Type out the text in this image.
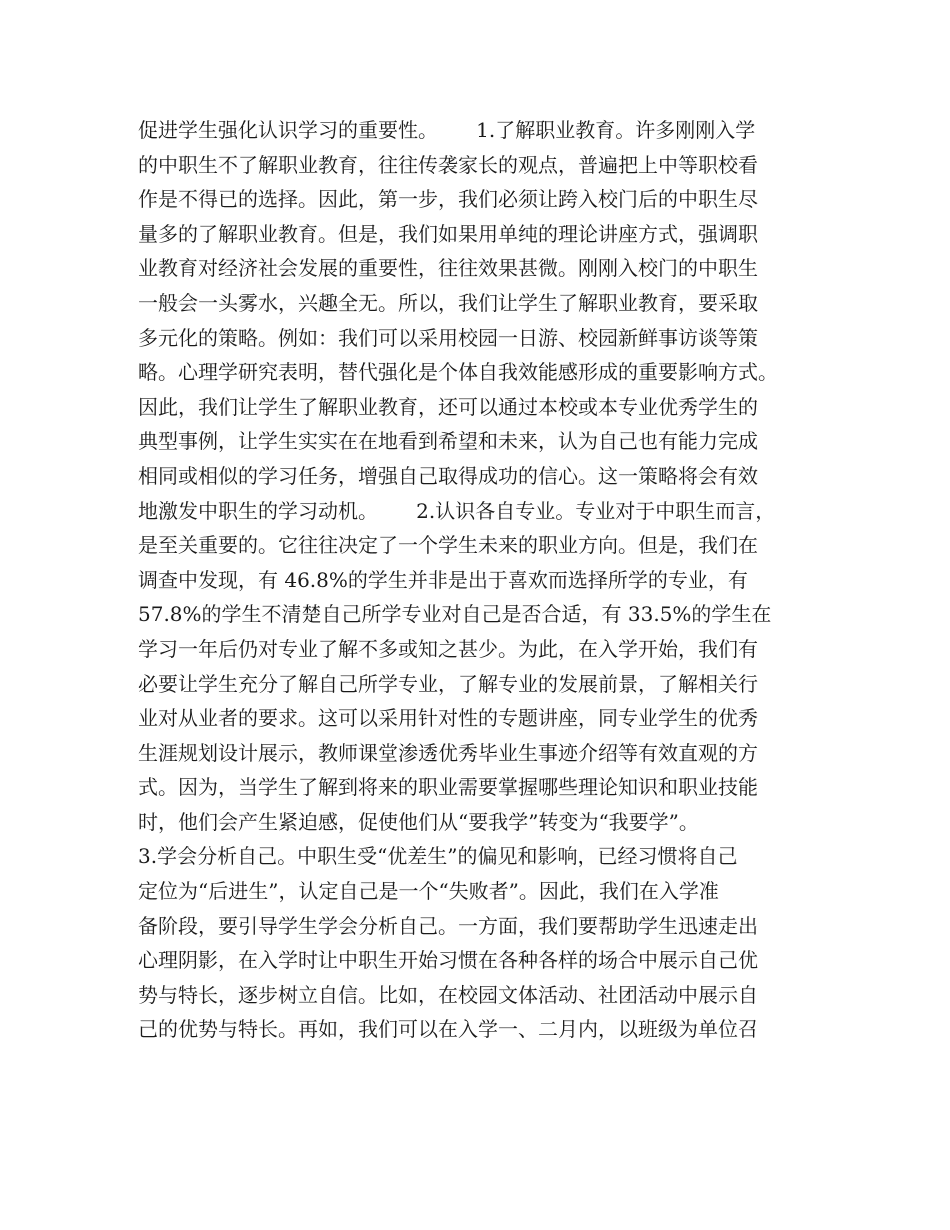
促进学生强化认识学习的重要性。      1.了解职业教育。许多刚刚入学
的中职生不了解职业教育，往往传袭家长的观点，普遍把上中等职校看
作是不得已的选择。因此，第一步，我们必须让跨入校门后的中职生尽
量多的了解职业教育。但是，我们如果用单纯的理论讲座方式，强调职
业教育对经济社会发展的重要性，往往效果甚微。刚刚入校门的中职生
一般会一头雾水，兴趣全无。所以，我们让学生了解职业教育，要采取
多元化的策略。例如：我们可以采用校园一日游、校园新鲜事访谈等策
略。心理学研究表明，替代强化是个体自我效能感形成的重要影响方式。
因此，我们让学生了解职业教育，还可以通过本校或本专业优秀学生的
典型事例，让学生实实在在地看到希望和未来，认为自己也有能力完成
相同或相似的学习任务，增强自己取得成功的信心。这一策略将会有效
地激发中职生的学习动机。      2.认识各自专业。专业对于中职生而言，
是至关重要的。它往往决定了一个学生未来的职业方向。但是，我们在
调查中发现，有 46.8%的学生并非是出于喜欢而选择所学的专业，有
57.8%的学生不清楚自己所学专业对自己是否合适，有 33.5%的学生在
学习一年后仍对专业了解不多或知之甚少。为此，在入学开始，我们有
必要让学生充分了解自己所学专业，了解专业的发展前景，了解相关行
业对从业者的要求。这可以采用针对性的专题讲座，同专业学生的优秀
生涯规划设计展示，教师课堂渗透优秀毕业生事迹介绍等有效直观的方
式。因为，当学生了解到将来的职业需要掌握哪些理论知识和职业技能
时，他们会产生紧迫感，促使他们从“要我学”转变为“我要学”。
3.学会分析自己。中职生受“优差生”的偏见和影响，已经习惯将自己
定位为“后进生”，认定自己是一个“失败者”。因此，我们在入学准
备阶段，要引导学生学会分析自己。一方面，我们要帮助学生迅速走出
心理阴影，在入学时让中职生开始习惯在各种各样的场合中展示自己优
势与特长，逐步树立自信。比如，在校园文体活动、社团活动中展示自
己的优势与特长。再如，我们可以在入学一、二月内，以班级为单位召
